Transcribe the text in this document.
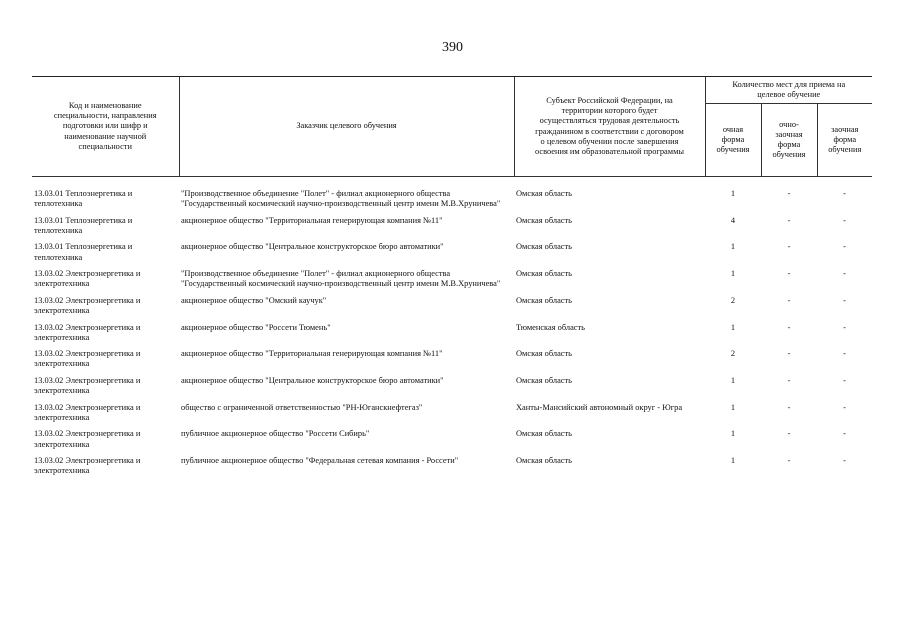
390
Код и наименование специальности, направления подготовки или шифр и наименование научной специальности	Заказчик целевого обучения	Субъект Российской Федерации, на территории которого будет осуществляться трудовая деятельность гражданином в соответствии с договором о целевом обучении после завершения освоения им образовательной программы	Количество мест для приема на целевое обучение		
			очная форма обучения	очно-заочная форма обучения	заочная форма обучения

13.03.01 Теплоэнергетика и теплотехника	"Производственное объединение "Полет" - филиал акционерного общества "Государственный космический научно-производственный центр имени М.В.Хруничева"	Омская область	1	-	-
13.03.01 Теплоэнергетика и теплотехника	акционерное общество "Территориальная генерирующая компания №11"	Омская область	4	-	-
13.03.01 Теплоэнергетика и теплотехника	акционерное общество "Центральное конструкторское бюро автоматики"	Омская область	1	-	-
13.03.02 Электроэнергетика и электротехника	"Производственное объединение "Полет" - филиал акционерного общества "Государственный космический научно-производственный центр имени М.В.Хруничева"	Омская область	1	-	-
13.03.02 Электроэнергетика и электротехника	акционерное общество "Омский каучук"	Омская область	2	-	-
13.03.02 Электроэнергетика и электротехника	акционерное общество "Россети Тюмень"	Тюменская область	1	-	-
13.03.02 Электроэнергетика и электротехника	акционерное общество "Территориальная генерирующая компания №11"	Омская область	2	-	-
13.03.02 Электроэнергетика и электротехника	акционерное общество "Центральное конструкторское бюро автоматики"	Омская область	1	-	-
13.03.02 Электроэнергетика и электротехника	общество с ограниченной ответственностью "РН-Юганскнефтегаз"	Ханты-Мансийский автономный округ - Югра	1	-	-
13.03.02 Электроэнергетика и электротехника	публичное акционерное общество "Россети Сибирь"	Омская область	1	-	-
13.03.02 Электроэнергетика и электротехника	публичное акционерное общество "Федеральная сетевая компания - Россети"	Омская область	1	-	-
